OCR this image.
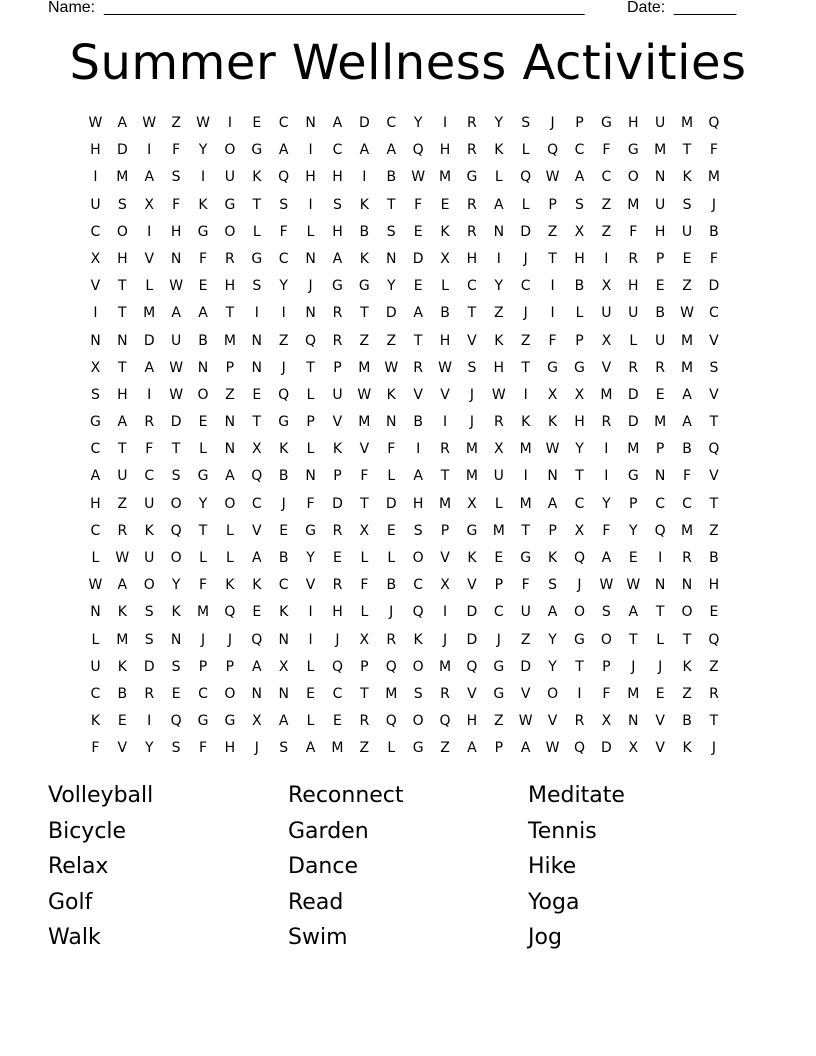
Name: ______________________________________________________	Date: _______
Summer Wellness Activities
W A W Z W I E C N A D C Y I R Y S J P G H U M Q
H D I F Y O G A I C A A Q H R K L Q C F G M T F
I M A S I U K Q H H I B W M G L Q W A C O N K M
U S X F K G T S I S K T F E R A L P S Z M U S J
C O I H G O L F L H B S E K R N D Z X Z F H U B
X H V N F R G C N A K N D X H I J T H I R P E F
V T L W E H S Y J G G Y E L C Y C I B X H E Z D
I T M A A T I I N R T D A B T Z J I L U U B W C
N N D U B M N Z Q R Z Z T H V K Z F P X L U M V
X T A W N P N J T P M W R W S H T G G V R R M S
S H I W O Z E Q L U W K V V J W I X X M D E A V
G A R D E N T G P V M N B I J R K K H R D M A T
C T F T L N X K L K V F I R M X M W Y I M P B Q
A U C S G A Q B N P F L A T M U I N T I G N F V
H Z U O Y O C J F D T D H M X L M A C Y P C C T
C R K Q T L V E G R X E S P G M T P X F Y Q M Z
L W U O L L A B Y E L L O V K E G K Q A E I R B
W A O Y F K K C V R F B C X V P F S J W W N N H
N K S K M Q E K I H L J Q I D C U A O S A T O E
L M S N J J Q N I J X R K J D J Z Y G O T L T Q
U K D S P P A X L Q P Q O M Q G D Y T P J J K Z
C B R E C O N N E C T M S R V G V O I F M E Z R
K E I Q G G X A L E R Q O Q H Z W V R X N V B T
F V Y S F H J S A M Z L G Z A P A W Q D X V K J
Volleyball	Reconnect	Meditate
Bicycle	Garden	Tennis
Relax	Dance	Hike
Golf	Read	Yoga
Walk	Swim	Jog
